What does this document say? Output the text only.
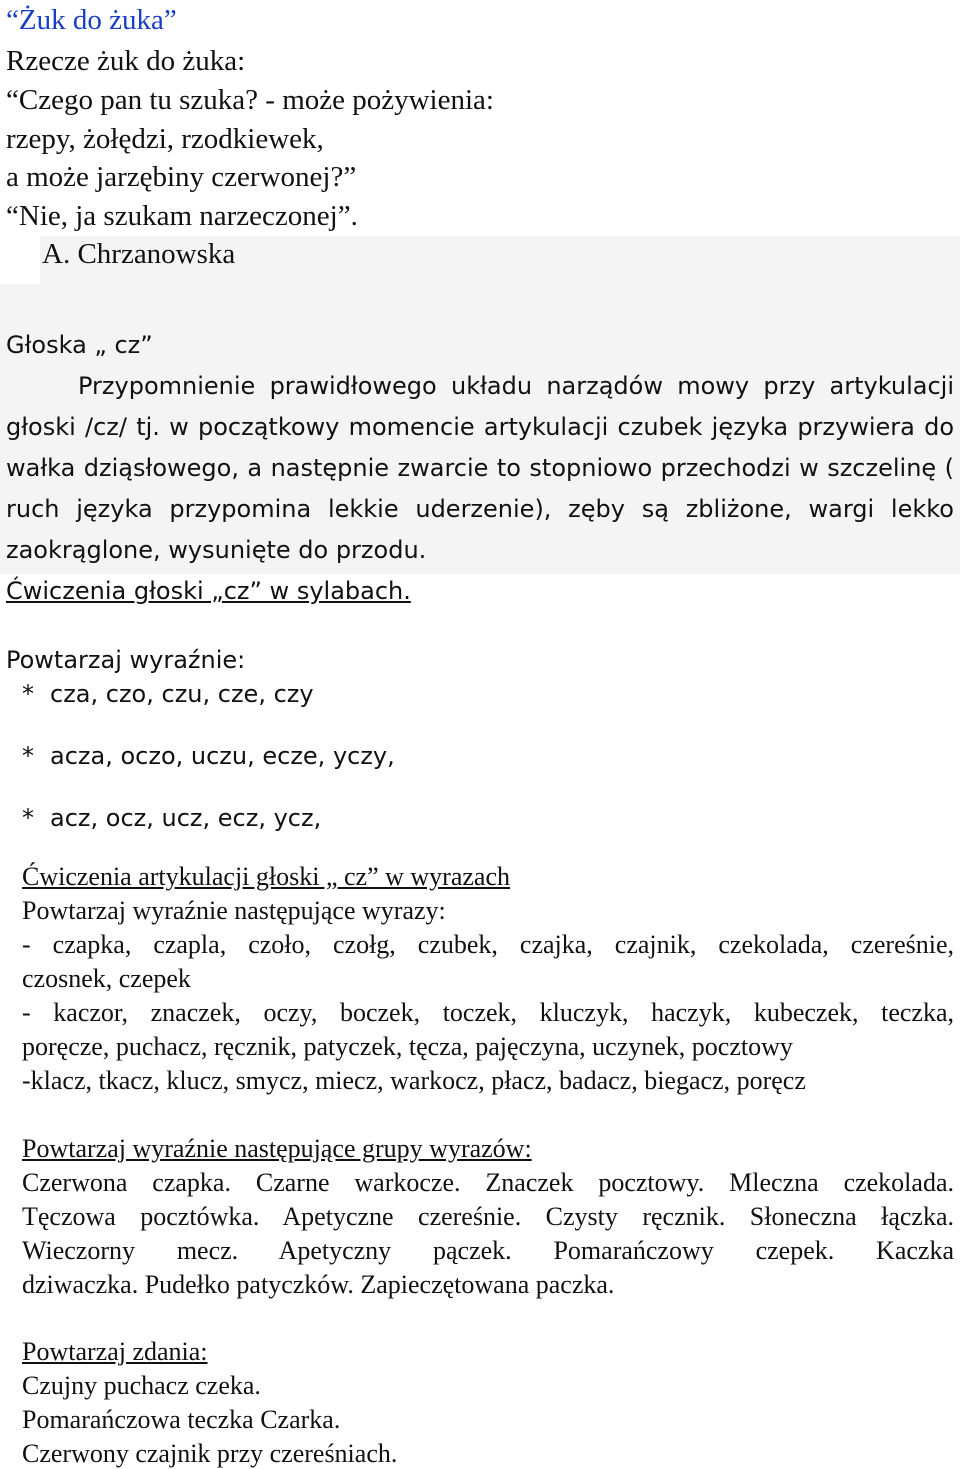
“Żuk do żuka”
Rzecze żuk do żuka:
“Czego pan tu szuka? - może pożywienia:
rzepy, żołędzi, rzodkiewek,
a może jarzębiny czerwonej?”
“Nie, ja szukam narzeczonej”.
A. Chrzanowska
Głoska „ cz”
Przypomnienie prawidłowego układu narządów mowy przy artykulacji
głoski /cz/ tj. w początkowy momencie artykulacji czubek języka przywiera do
wałka dziąsłowego, a następnie zwarcie to stopniowo przechodzi w szczelinę (
ruch języka przypomina lekkie uderzenie), zęby są zbliżone, wargi lekko
zaokrąglone, wysunięte do przodu.
Ćwiczenia głoski „cz” w sylabach.
Powtarzaj wyraźnie:
* cza, czo, czu, cze, czy
* acza, oczo, uczu, ecze, yczy,
* acz, ocz, ucz, ecz, ycz,
Ćwiczenia artykulacji głoski „ cz” w wyrazach
Powtarzaj wyraźnie następujące wyrazy:
- czapka, czapla, czoło, czołg, czubek, czajka, czajnik, czekolada, czereśnie,
czosnek, czepek
- kaczor, znaczek, oczy, boczek, toczek, kluczyk, haczyk, kubeczek, teczka,
poręcze, puchacz, ręcznik, patyczek, tęcza, pajęczyna, uczynek, pocztowy
-klacz, tkacz, klucz, smycz, miecz, warkocz, płacz, badacz, biegacz, poręcz
Powtarzaj wyraźnie następujące grupy wyrazów:
Czerwona czapka. Czarne warkocze. Znaczek pocztowy. Mleczna czekolada.
Tęczowa pocztówka. Apetyczne czereśnie. Czysty ręcznik. Słoneczna łączka.
Wieczorny mecz. Apetyczny pączek. Pomarańczowy czepek. Kaczka
dziwaczka. Pudełko patyczków. Zapieczętowana paczka.
Powtarzaj zdania:
Czujny puchacz czeka.
Pomarańczowa teczka Czarka.
Czerwony czajnik przy czereśniach.
